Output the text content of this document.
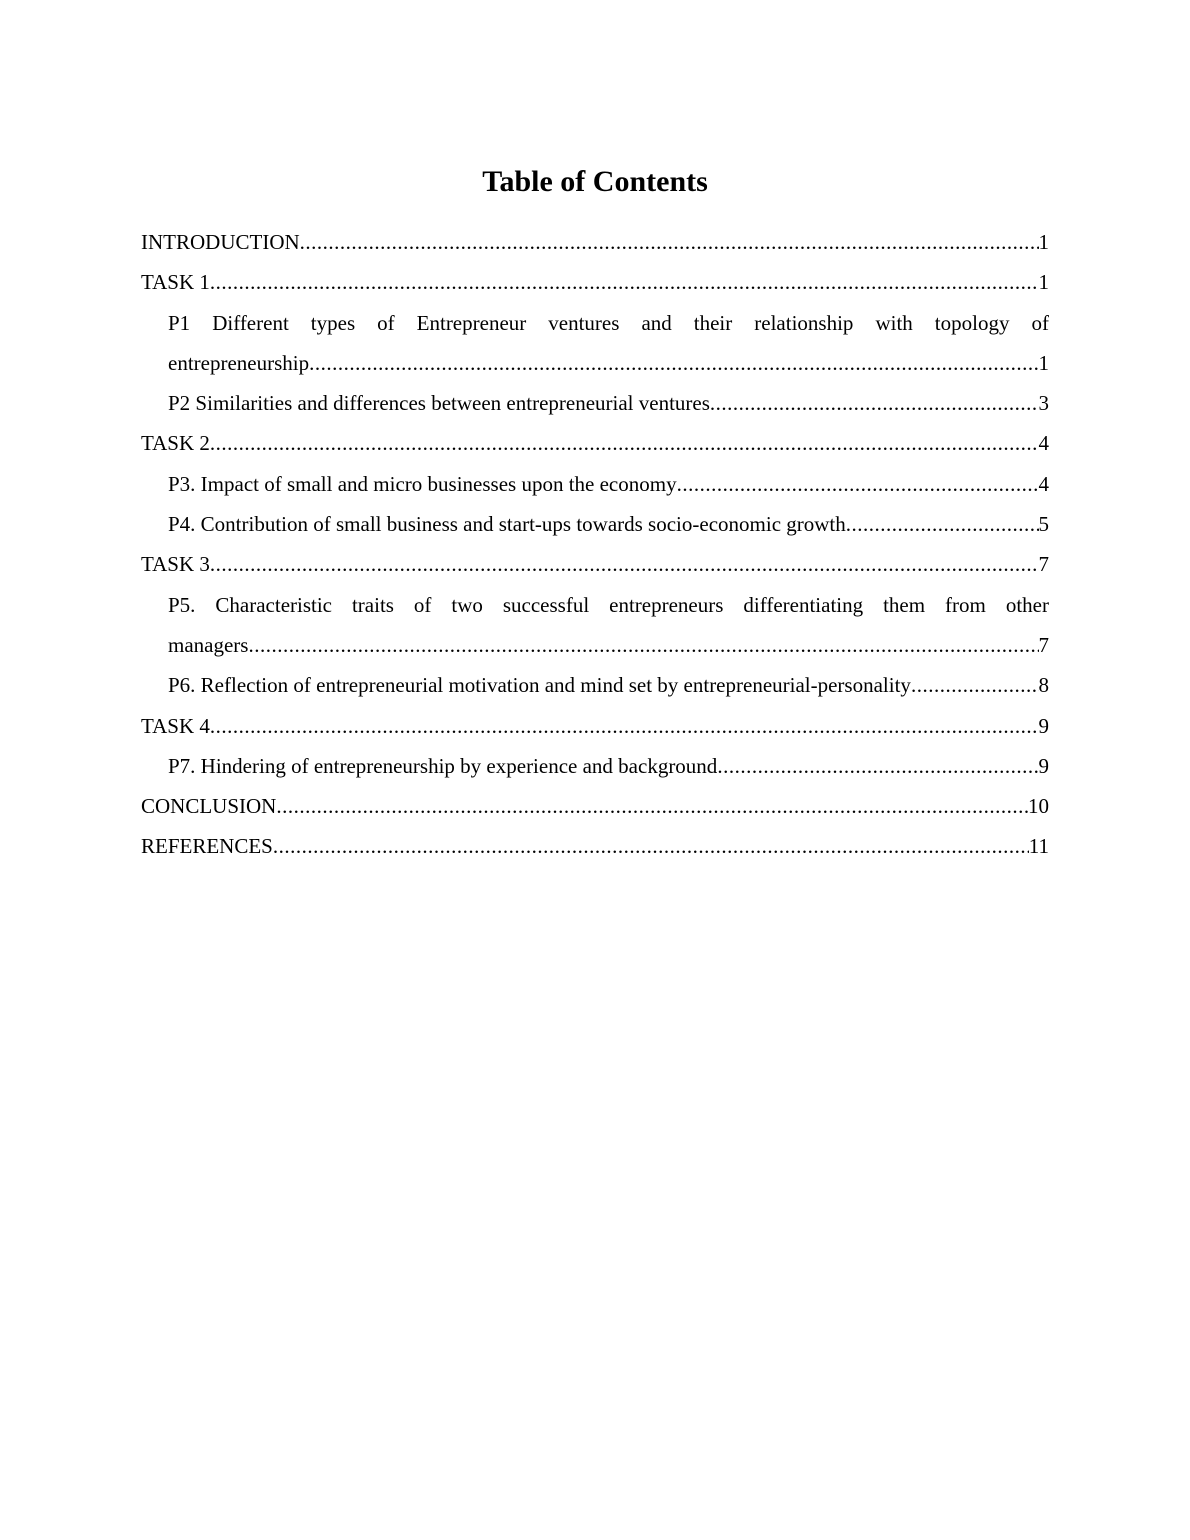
Table of Contents
INTRODUCTION .....	1
TASK 1 .....	1
P1 Different types of Entrepreneur ventures and their relationship with topology of
entrepreneurship .....	1
P2 Similarities and differences between entrepreneurial ventures .....	3
TASK 2 .....	4
P3. Impact of small and micro businesses upon the economy .....	4
P4. Contribution of small business and start-ups towards socio-economic growth .....	5
TASK 3 .....	7
P5. Characteristic traits of two successful entrepreneurs differentiating them from other
managers .....	7
P6. Reflection of entrepreneurial motivation and mind set by entrepreneurial-personality .....	8
TASK 4 .....	9
P7. Hindering of entrepreneurship by experience and background .....	9
CONCLUSION .....	10
REFERENCES .....	11
